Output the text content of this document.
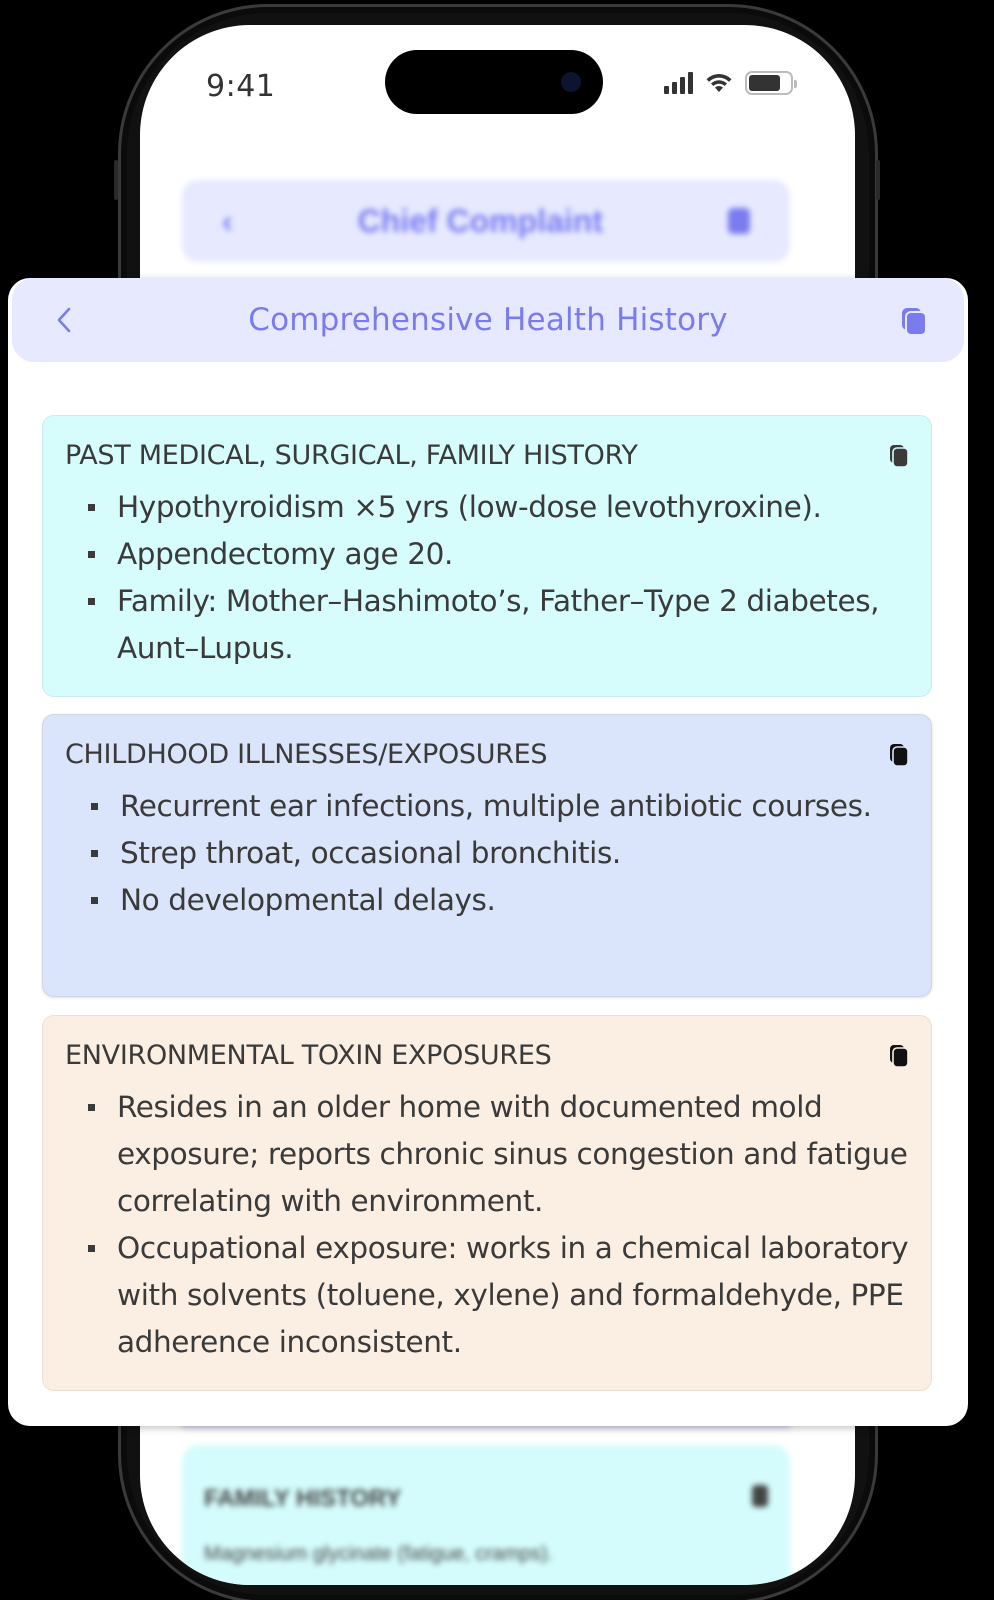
9:41
‹	Chief Complaint
FAMILY HISTORY
Magnesium glycinate (fatigue, cramps).
Comprehensive Health History
PAST MEDICAL, SURGICAL, FAMILY HISTORY
Hypothyroidism ×5 yrs (low-dose levothyroxine).
Appendectomy age 20.
Family: Mother–Hashimoto’s, Father–Type 2 diabetes, Aunt–Lupus.
CHILDHOOD ILLNESSES/EXPOSURES
Recurrent ear infections, multiple antibiotic courses.
Strep throat, occasional bronchitis.
No developmental delays.
ENVIRONMENTAL TOXIN EXPOSURES
Resides in an older home with documented mold exposure; reports chronic sinus congestion and fatigue correlating with environment.
Occupational exposure: works in a chemical laboratory with solvents (toluene, xylene) and formaldehyde, PPE adherence inconsistent.
